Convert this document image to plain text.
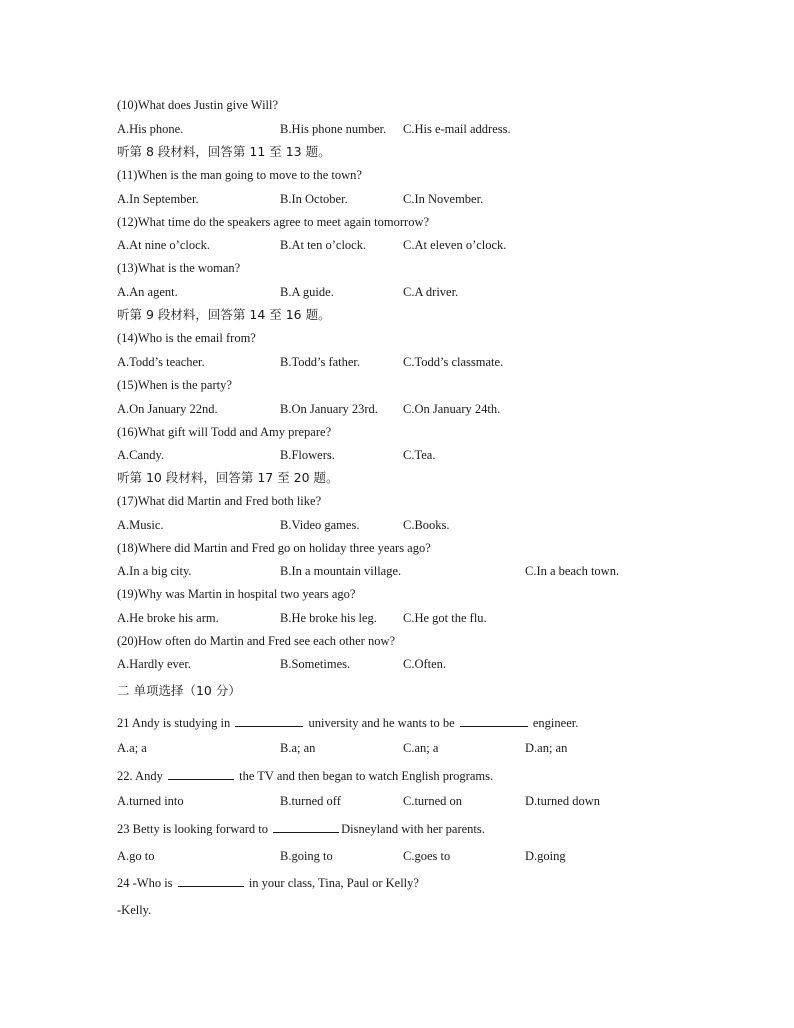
(10)What does Justin give Will?
A.His phone.	B.His phone number. C.His e-mail address.
听第 8 段材料，回答第 11 至 13 题。
(11)When is the man going to move to the town?
A.In September.	B.In October.	C.In November.
(12)What time do the speakers agree to meet again tomorrow?
A.At nine o’clock.	B.At ten o’clock.	C.At eleven o’clock.
(13)What is the woman?
A.An agent.	B.A guide.	C.A driver.
听第 9 段材料，回答第 14 至 16 题。
(14)Who is the email from?
A.Todd’s teacher.	B.Todd’s father.	C.Todd’s classmate.
(15)When is the party?
A.On January 22nd.	B.On January 23rd. C.On January 24th.
(16)What gift will Todd and Amy prepare?
A.Candy.	B.Flowers.	C.Tea.
听第 10 段材料，回答第 17 至 20 题。
(17)What did Martin and Fred both like?
A.Music.	B.Video games.	C.Books.
(18)Where did Martin and Fred go on holiday three years ago?
A.In a big city.	B.In a mountain village.	C.In a beach town.
(19)Why was Martin in hospital two years ago?
A.He broke his arm.	B.He broke his leg. C.He got the flu.
(20)How often do Martin and Fred see each other now?
A.Hardly ever.	B.Sometimes.	C.Often.
二 单项选择（10 分）
21 Andy is studying in	university and he wants to be	engineer.
A.a; a	B.a; an	C.an; a	D.an; an
22. Andy	the TV and then began to watch English programs.
A.turned into	B.turned off	C.turned on	D.turned down
23 Betty is looking forward to	Disneyland with her parents.
A.go to	B.going to	C.goes to	D.going
24 -Who is	in your class, Tina, Paul or Kelly?
-Kelly.
